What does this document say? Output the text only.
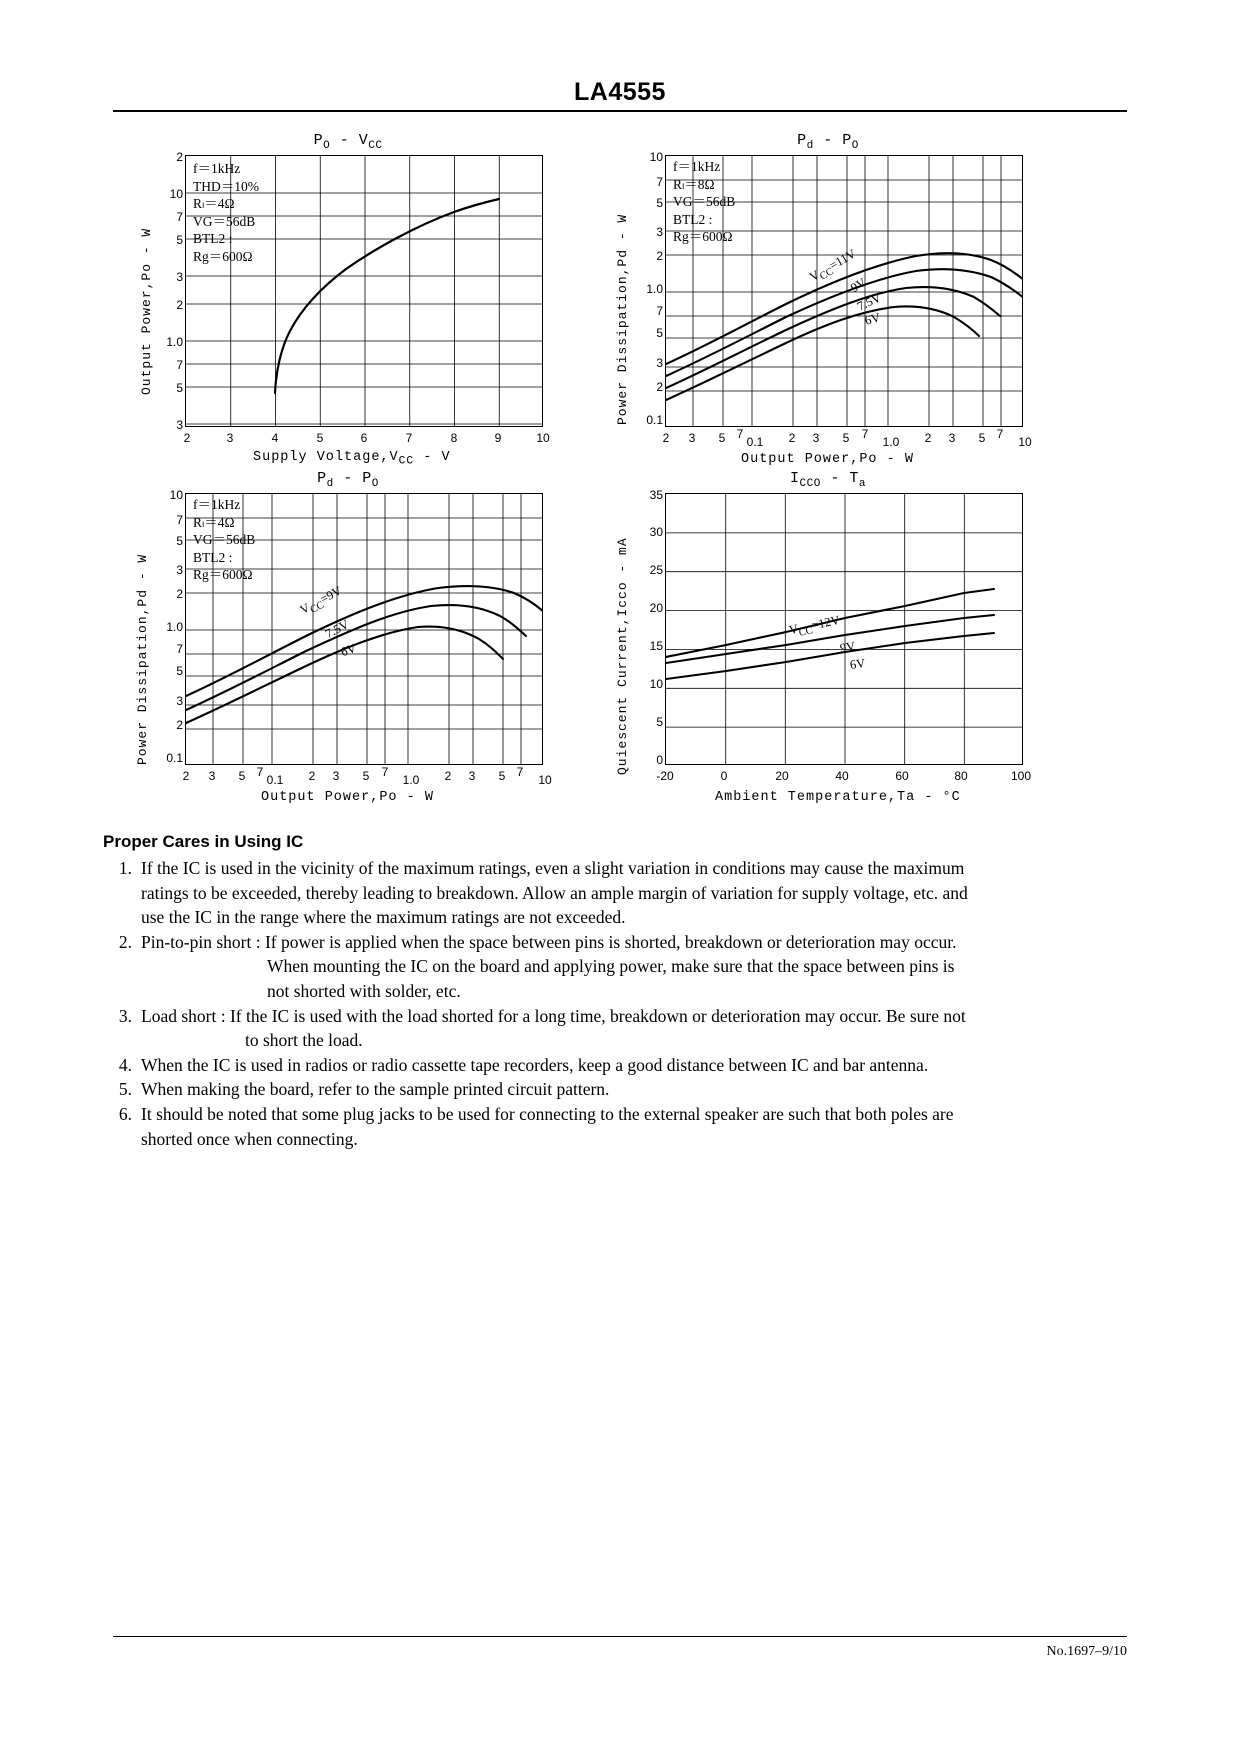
LA4555
$P_O - V_{CC}$
Output Power,Po - W
2
10
7
5
3
2
1.0
7
5
3
2	3	4	5	6	7	8	9	10
Supply $Voltage,V_{CC}$ - V
f＝1kHz
THD＝10%
Rₗ＝4Ω
VG＝56dB
BTL2 :
Rg＝600Ω
$P_d - P_O$
Power Dissipation,Pd - W
10
7
5
3
2
1.0
7
5
3
2
0.1
$V_{CC}=11V$
9V
7.5V
6V
2	3	5 7
0.1	2	3	5	7
1.0	2	3	5 7
10
Output Power,Po - W
f＝1kHz
Rₗ＝8Ω
VG＝56dB
BTL2 :
Rg＝600Ω
$P_d - P_O$
Power Dissipation,Pd - W
10
7
5
3
2
1.0
7
5
3
2
0.1
$V_{CC}=9V$
7.5V
6V
2	3	5 7
0.1	2	3	5	7
1.0	2	3	5 7
10
Output Power,Po - W
f＝1kHz
Rₗ＝4Ω
VG＝56dB
BTL2 :
Rg＝600Ω
$I_{CCO} - T_a$
Quiescent Current,Icco - mA
35
30
25
20
15
10
5
0
$V_{CC}=12V$
9V
6V
-20	0	20	40	60	80	100
Ambient Temperature,Ta - °C
Proper Cares in Using IC
1. If the IC is used in the vicinity of the maximum ratings, even a slight variation in conditions may cause the maximum
ratings to be exceeded, thereby leading to breakdown. Allow an ample margin of variation for supply voltage, etc. and
use the IC in the range where the maximum ratings are not exceeded.
2. Pin-to-pin short : If power is applied when the space between pins is shorted, breakdown or deterioration may occur.
When mounting the IC on the board and applying power, make sure that the space between pins is
not shorted with solder, etc.
3. Load short : If the IC is used with the load shorted for a long time, breakdown or deterioration may occur. Be sure not
to short the load.
4. When the IC is used in radios or radio cassette tape recorders, keep a good distance between IC and bar antenna.
5. When making the board, refer to the sample printed circuit pattern.
6. It should be noted that some plug jacks to be used for connecting to the external speaker are such that both poles are
shorted once when connecting.
No.1697–9/10
